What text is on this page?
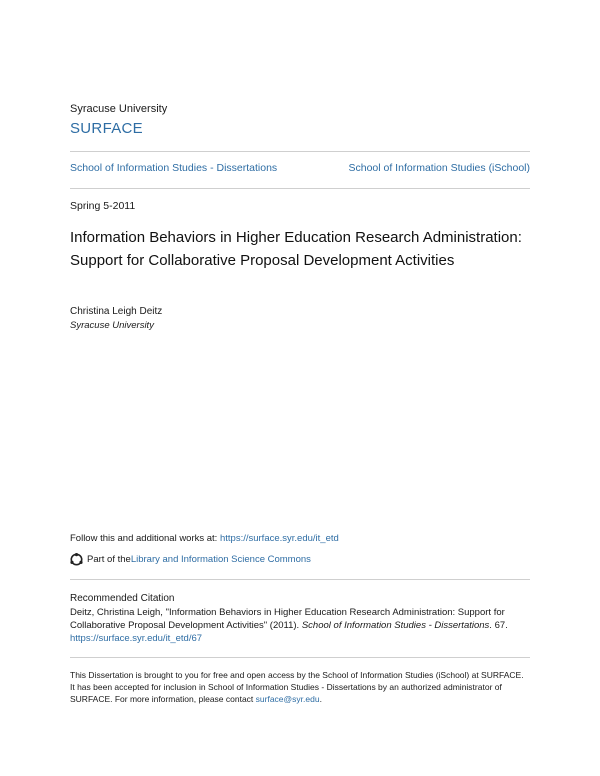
Syracuse University
SURFACE
School of Information Studies - Dissertations	School of Information Studies (iSchool)
Spring 5-2011
Information Behaviors in Higher Education Research Administration: Support for Collaborative Proposal Development Activities
Christina Leigh Deitz
Syracuse University
Follow this and additional works at: https://surface.syr.edu/it_etd
Part of the Library and Information Science Commons
Recommended Citation
Deitz, Christina Leigh, "Information Behaviors in Higher Education Research Administration: Support for Collaborative Proposal Development Activities" (2011). School of Information Studies - Dissertations. 67.
https://surface.syr.edu/it_etd/67
This Dissertation is brought to you for free and open access by the School of Information Studies (iSchool) at SURFACE. It has been accepted for inclusion in School of Information Studies - Dissertations by an authorized administrator of SURFACE. For more information, please contact surface@syr.edu.
